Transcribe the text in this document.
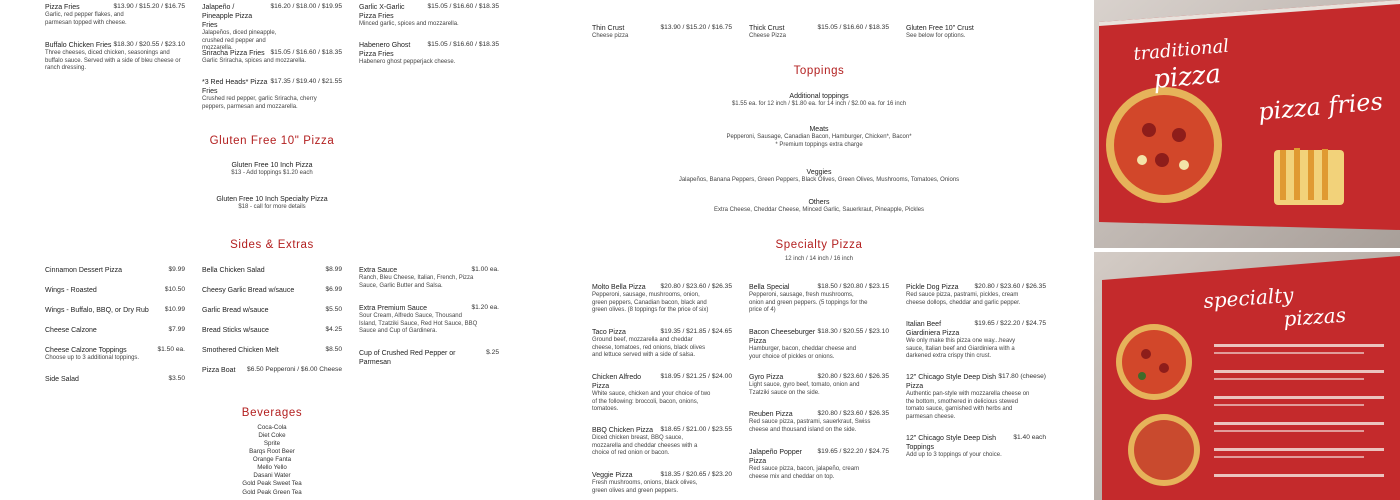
Pizza Fries	$13.90 / $15.20 / $16.75
Garlic, red pepper flakes, and parmesan topped with cheese.
Buffalo Chicken Fries $18.30 / $20.55 / $23.10
Three cheeses, diced chicken, seasonings and buffalo sauce. Served with a side of bleu cheese or ranch dressing.
Jalapeño / Pineapple Pizza Fries
$16.20 / $18.00 / $19.95
Jalapeños, diced pineapple, crushed red pepper and mozzarella.
Sriracha Pizza Fries $15.05 / $16.60 / $18.35
Garlic Sriracha, spices and mozzarella.
*3 Red Heads* Pizza Fries
$17.35 / $19.40 / $21.55
Crushed red pepper, garlic Sriracha, cherry peppers, parmesan and mozzarella.
Garlic X-Garlic Pizza Fries
$15.05 / $16.60 / $18.35
Minced garlic, spices and mozzarella.
Habenero Ghost Pizza Fries
$15.05 / $16.60 / $18.35
Habenero ghost pepperjack cheese.
Gluten Free 10" Pizza
Gluten Free 10 Inch Pizza
$13 - Add toppings $1.20 each
Gluten Free 10 Inch Specialty Pizza
$18 - call for more details
Sides & Extras
Cinnamon Dessert Pizza	$9.99
Wings - Roasted	$10.50
Wings - Buffalo, BBQ, or Dry Rub $10.99
Cheese Calzone	$7.99
Cheese Calzone Toppings	$1.50 ea.
Choose up to 3 additional toppings.
Side Salad	$3.50
Bella Chicken Salad	$8.99
Cheesy Garlic Bread w/sauce	$6.99
Garlic Bread w/sauce	$5.50
Bread Sticks w/sauce	$4.25
Smothered Chicken Melt	$8.50
Pizza Boat $6.50 Pepperoni / $6.00 Cheese
Extra Sauce	$1.00 ea.
Ranch, Bleu Cheese, Italian, French, Pizza Sauce, Garlic Butter and Salsa.
Extra Premium Sauce	$1.20 ea.
Sour Cream, Alfredo Sauce, Thousand Island, Tzatziki Sauce, Red Hot Sauce, BBQ Sauce and Cup of Gardinera.
Cup of Crushed Red Pepper or Parmesan
$.25
Beverages
Coca-Cola
Diet Coke
Sprite
Barqs Root Beer
Orange Fanta
Mello Yello
Dasani Water
Gold Peak Sweet Tea
Gold Peak Green Tea
Thin Crust	$13.90 / $15.20 / $16.75
Cheese pizza
Thick Crust	$15.05 / $16.60 / $18.35
Cheese Pizza
Gluten Free 10" Crust
See below for options.
Toppings
Additional toppings
$1.55 ea. for 12 inch / $1.80 ea. for 14 inch / $2.00 ea. for 16 inch
Meats
Pepperoni, Sausage, Canadian Bacon, Hamburger, Chicken*, Bacon*
* Premium toppings extra charge
Veggies
Jalapeños, Banana Peppers, Green Peppers, Black Olives, Green Olives, Mushrooms, Tomatoes, Onions
Others
Extra Cheese, Cheddar Cheese, Minced Garlic, Sauerkraut, Pineapple, Pickles
Specialty Pizza
12 inch / 14 inch / 16 inch
Molto Bella Pizza	$20.80 / $23.60 / $26.35
Pepperoni, sausage, mushrooms, onion, green peppers, Canadian bacon, black and green olives. (8 toppings for the price of six)
Taco Pizza	$19.35 / $21.85 / $24.65
Ground beef, mozzarella and cheddar cheese, tomatoes, red onions, black olives and lettuce served with a side of salsa.
Chicken Alfredo Pizza
$18.95 / $21.25 / $24.00
White sauce, chicken and your choice of two of the following: broccoli, bacon, onions, tomatoes.
BBQ Chicken Pizza	$18.65 / $21.00 / $23.55
Diced chicken breast, BBQ sauce, mozzarella and cheddar cheeses with a choice of red onion or bacon.
Veggie Pizza	$18.35 / $20.65 / $23.20
Fresh mushrooms, onions, black olives, green olives and green peppers.
Bella Special	$18.50 / $20.80 / $23.15
Pepperoni, sausage, fresh mushrooms, onion and green peppers. (5 toppings for the price of 4)
Bacon Cheeseburger Pizza
$18.30 / $20.55 / $23.10
Hamburger, bacon, cheddar cheese and your choice of pickles or onions.
Gyro Pizza	$20.80 / $23.60 / $26.35
Light sauce, gyro beef, tomato, onion and Tzatziki sauce on the side.
Reuben Pizza	$20.80 / $23.60 / $26.35
Red sauce pizza, pastrami, sauerkraut, Swiss cheese and thousand island on the side.
Jalapeño Popper Pizza
$19.65 / $22.20 / $24.75
Red sauce pizza, bacon, jalapeño, cream cheese mix and cheddar on top.
Pickle Dog Pizza	$20.80 / $23.60 / $26.35
Red sauce pizza, pastrami, pickles, cream cheese dollops, cheddar and garlic pepper.
Italian Beef Giardiniera Pizza
$19.65 / $22.20 / $24.75
We only make this pizza one way...heavy sauce, Italian beef and Giardiniera with a darkened extra crispy thin crust.
12" Chicago Style Deep Dish Pizza
$17.80 (cheese)
Authentic pan-style with mozzarella cheese on the bottom, smothered in delicious stewed tomato sauce, garnished with herbs and parmesan cheese.
12" Chicago Style Deep Dish Toppings
$1.40 each
Add up to 3 toppings of your choice.
traditional
pizza
pizza fries
specialty
pizzas
